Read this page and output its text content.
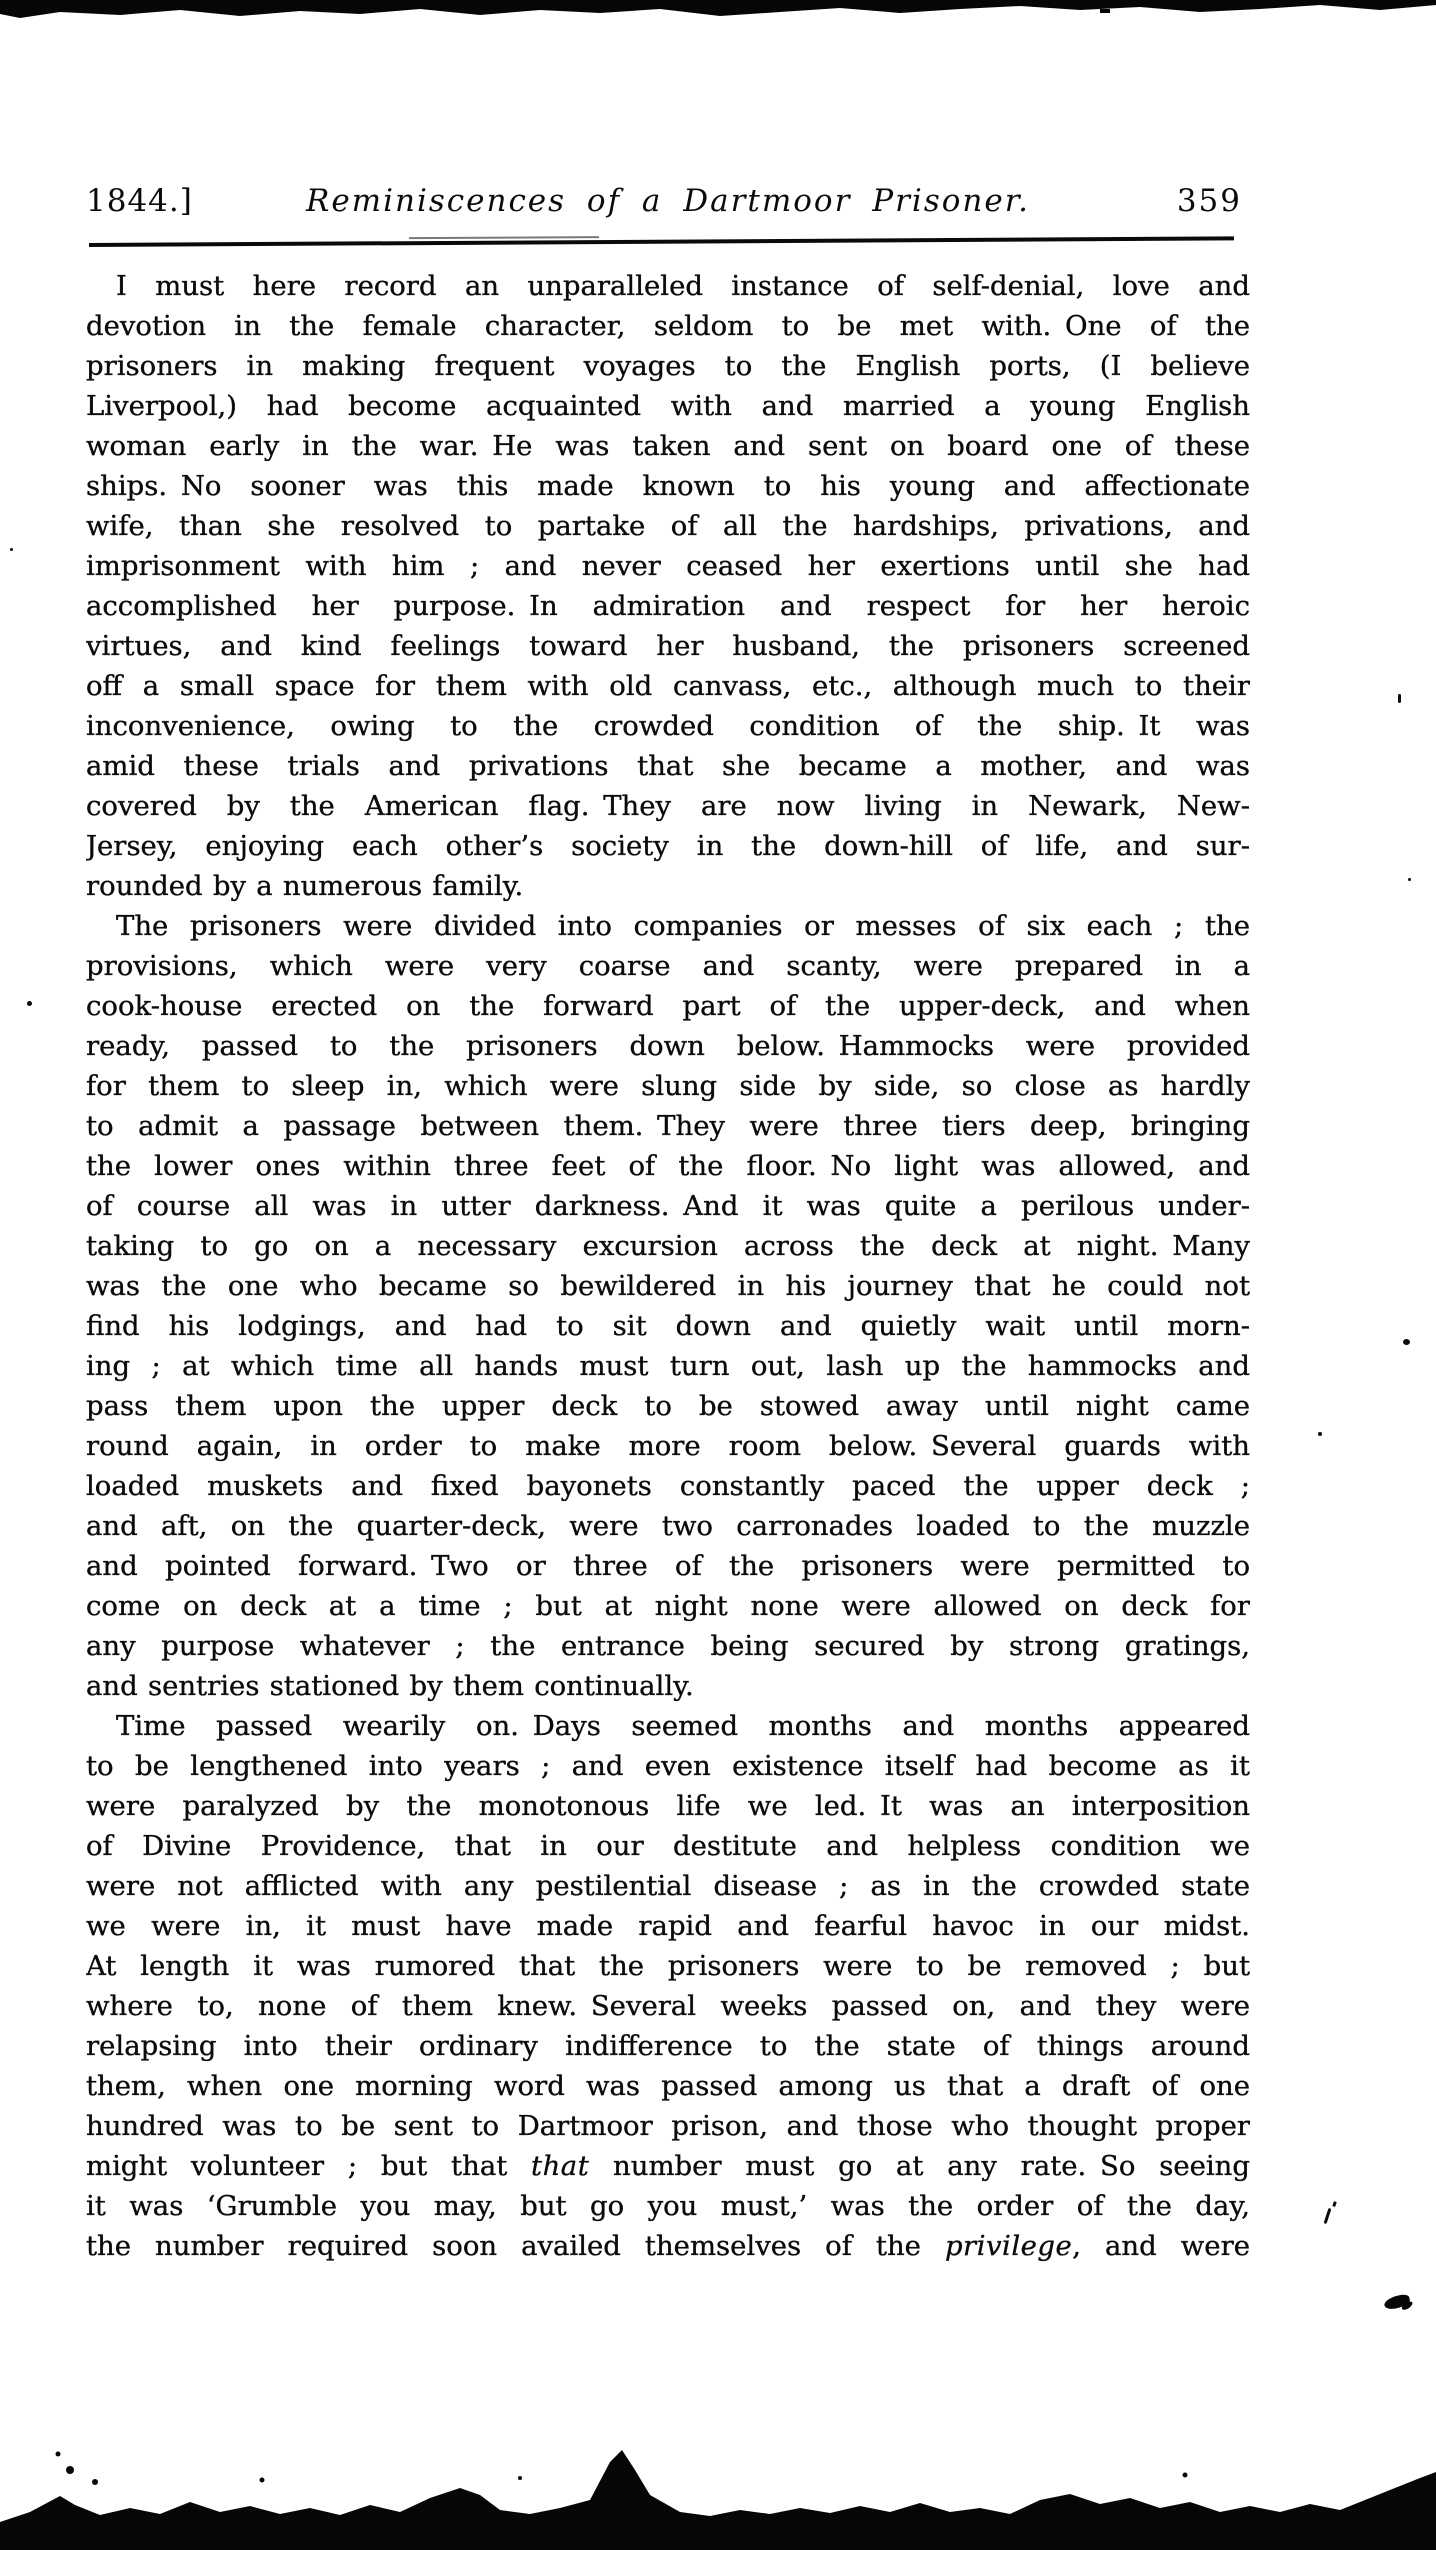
1844.]	Reminiscences of a Dartmoor Prisoner.	359
I must here record an unparalleled instance of self-denial, love and
devotion in the female character, seldom to be met with. One of the
prisoners in making frequent voyages to the English ports, (I believe
Liverpool,) had become acquainted with and married a young English
woman early in the war. He was taken and sent on board one of these
ships. No sooner was this made known to his young and affectionate
wife, than she resolved to partake of all the hardships, privations, and
imprisonment with him ; and never ceased her exertions until she had
accomplished her purpose. In admiration and respect for her heroic
virtues, and kind feelings toward her husband, the prisoners screened
off a small space for them with old canvass, etc., although much to their
inconvenience, owing to the crowded condition of the ship. It was
amid these trials and privations that she became a mother, and was
covered by the American flag. They are now living in Newark, New-
Jersey, enjoying each other’s society in the down-hill of life, and sur-
rounded by a numerous family.
The prisoners were divided into companies or messes of six each ; the
provisions, which were very coarse and scanty, were prepared in a
cook-house erected on the forward part of the upper-deck, and when
ready, passed to the prisoners down below. Hammocks were provided
for them to sleep in, which were slung side by side, so close as hardly
to admit a passage between them. They were three tiers deep, bringing
the lower ones within three feet of the floor. No light was allowed, and
of course all was in utter darkness. And it was quite a perilous under-
taking to go on a necessary excursion across the deck at night. Many
was the one who became so bewildered in his journey that he could not
find his lodgings, and had to sit down and quietly wait until morn-
ing ; at which time all hands must turn out, lash up the hammocks and
pass them upon the upper deck to be stowed away until night came
round again, in order to make more room below. Several guards with
loaded muskets and fixed bayonets constantly paced the upper deck ;
and aft, on the quarter-deck, were two carronades loaded to the muzzle
and pointed forward. Two or three of the prisoners were permitted to
come on deck at a time ; but at night none were allowed on deck for
any purpose whatever ; the entrance being secured by strong gratings,
and sentries stationed by them continually.
Time passed wearily on. Days seemed months and months appeared
to be lengthened into years ; and even existence itself had become as it
were paralyzed by the monotonous life we led. It was an interposition
of Divine Providence, that in our destitute and helpless condition we
were not afflicted with any pestilential disease ; as in the crowded state
we were in, it must have made rapid and fearful havoc in our midst.
At length it was rumored that the prisoners were to be removed ; but
where to, none of them knew. Several weeks passed on, and they were
relapsing into their ordinary indifference to the state of things around
them, when one morning word was passed among us that a draft of one
hundred was to be sent to Dartmoor prison, and those who thought proper
might volunteer ; but that that number must go at any rate. So seeing
it was ‘Grumble you may, but go you must,’ was the order of the day,
the number required soon availed themselves of the privilege, and were
